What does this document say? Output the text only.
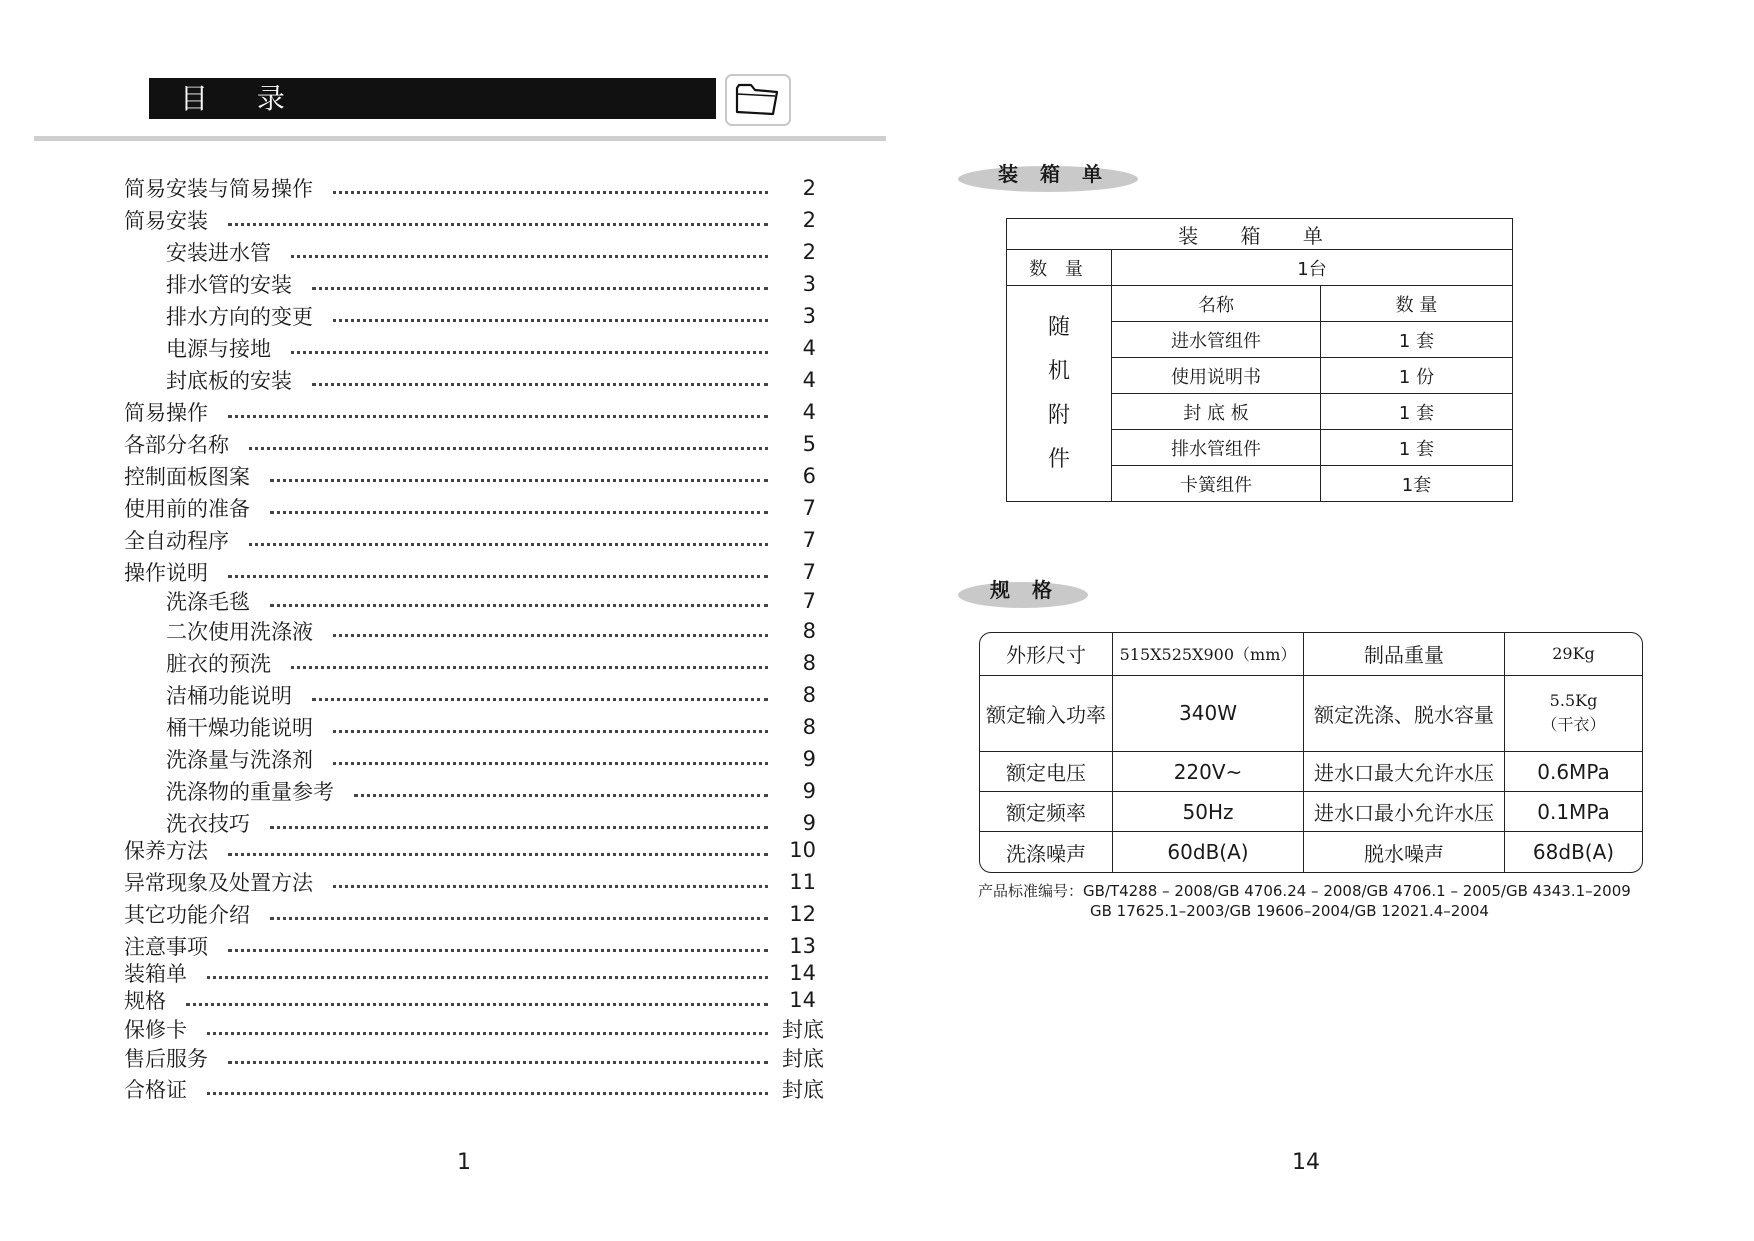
目 录
简易安装与简易操作	2
简易安装	2
安装进水管	2
排水管的安装	3
排水方向的变更	3
电源与接地	4
封底板的安装	4
简易操作	4
各部分名称	5
控制面板图案	6
使用前的准备	7
全自动程序	7
操作说明	7
洗涤毛毯	7
二次使用洗涤液	8
脏衣的预洗	8
洁桶功能说明	8
桶干燥功能说明	8
洗涤量与洗涤剂	9
洗涤物的重量参考	9
洗衣技巧	9
保养方法	10
异常现象及处置方法	11
其它功能介绍	12
注意事项	13
装箱单	14
规格	14
保修卡	封底
售后服务	封底
合格证	封底
1
装箱单
装 箱 单		
数 量	1台	

随
机
附
件	名称	数 量
	进水管组件	1 套
	使用说明书	1 份
	封 底 板	1 套
	排水管组件	1 套
	卡簧组件	1套
规格
外形尺寸	515X525X900（mm）	制品重量	29Kg
额定输入功率	340W	额定洗涤、脱水容量	5.5Kg
（干衣）
额定电压	220V~	进水口最大允许水压	0.6MPa
额定频率	50Hz	进水口最小允许水压	0.1MPa
洗涤噪声	60dB(A)	脱水噪声	68dB(A)
产品标准编号：GB/T4288 – 2008/GB 4706.24 – 2008/GB 4706.1 – 2005/GB 4343.1–2009
GB 17625.1–2003/GB 19606–2004/GB 12021.4–2004
14
